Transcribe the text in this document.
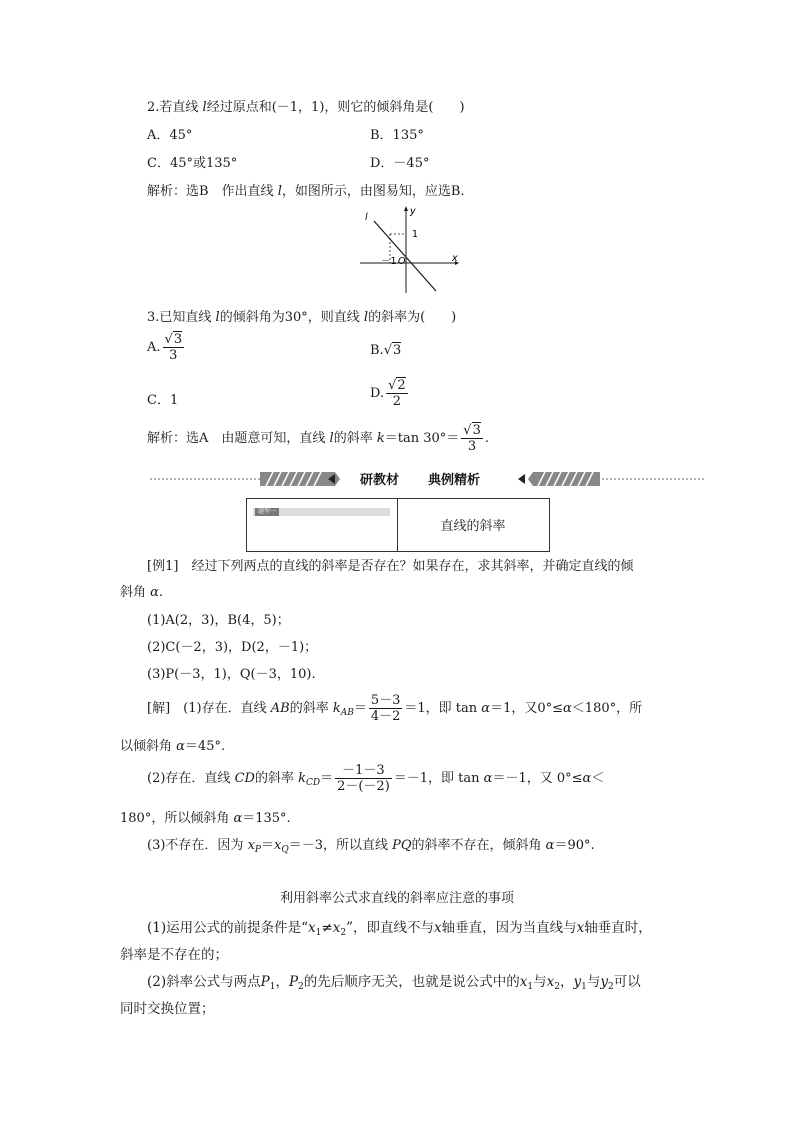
2.若直线 l经过原点和(－1，1)，则它的倾斜角是(　　)
A．45°	B．135°
C．45°或135°	D．－45°
解析：选B　作出直线 l，如图所示，由图易知，应选B.
l
y
x
1
－1 O
3.已知直线 l的倾斜角为30°，则直线 l的斜率为(　　)
A. $\frac{√3}{3}$	B.√3
C．1	D. $\frac{√2}{2}$
解析：选A　由题意可知，直线 l的斜率 k＝tan $30^\circ= \frac{√3}{3}$ .
研教材 典例精析
题型一
直线的斜率
[例1]　 经过下列两点的直线的斜率是否存在？如果存在，求其斜率，并确定直线的倾
斜角 α.
(1)A(2，3)，B(4，5)；
(2)C(－2，3)，D(2，－1)；
(3)P(－3，1)，Q(－3，10).
[解]　 (1)存在．直线 AB的斜率 $k_{AB}= \frac{5-3}{4-2} =1$，即 tan α＝1，又0°≤α＜180°，所
以倾斜角 α＝45°.
(2)存在．直线 CD的斜率 $k_{CD}= \frac{-1-3}{2-(-2)} =-1$，即 tan α＝－1，又 0°≤α＜
180°，所以倾斜角 α＝135°.
(3)不存在．因为 $x_P=x_Q=-3$，所以直线 PQ的斜率不存在，倾斜角 α＝90°.
利用斜率公式求直线的斜率应注意的事项
(1)运用公式的前提条件是“$x_1\ne x_2$”，即直线不与x轴垂直，因为当直线与x轴垂直时，
斜率是不存在的；
(2)斜率公式与两点$P_1$，$P_2$的先后顺序无关，也就是说公式中的$x_1$与$x_2$，$y_1$与$y_2$可以
同时交换位置；
